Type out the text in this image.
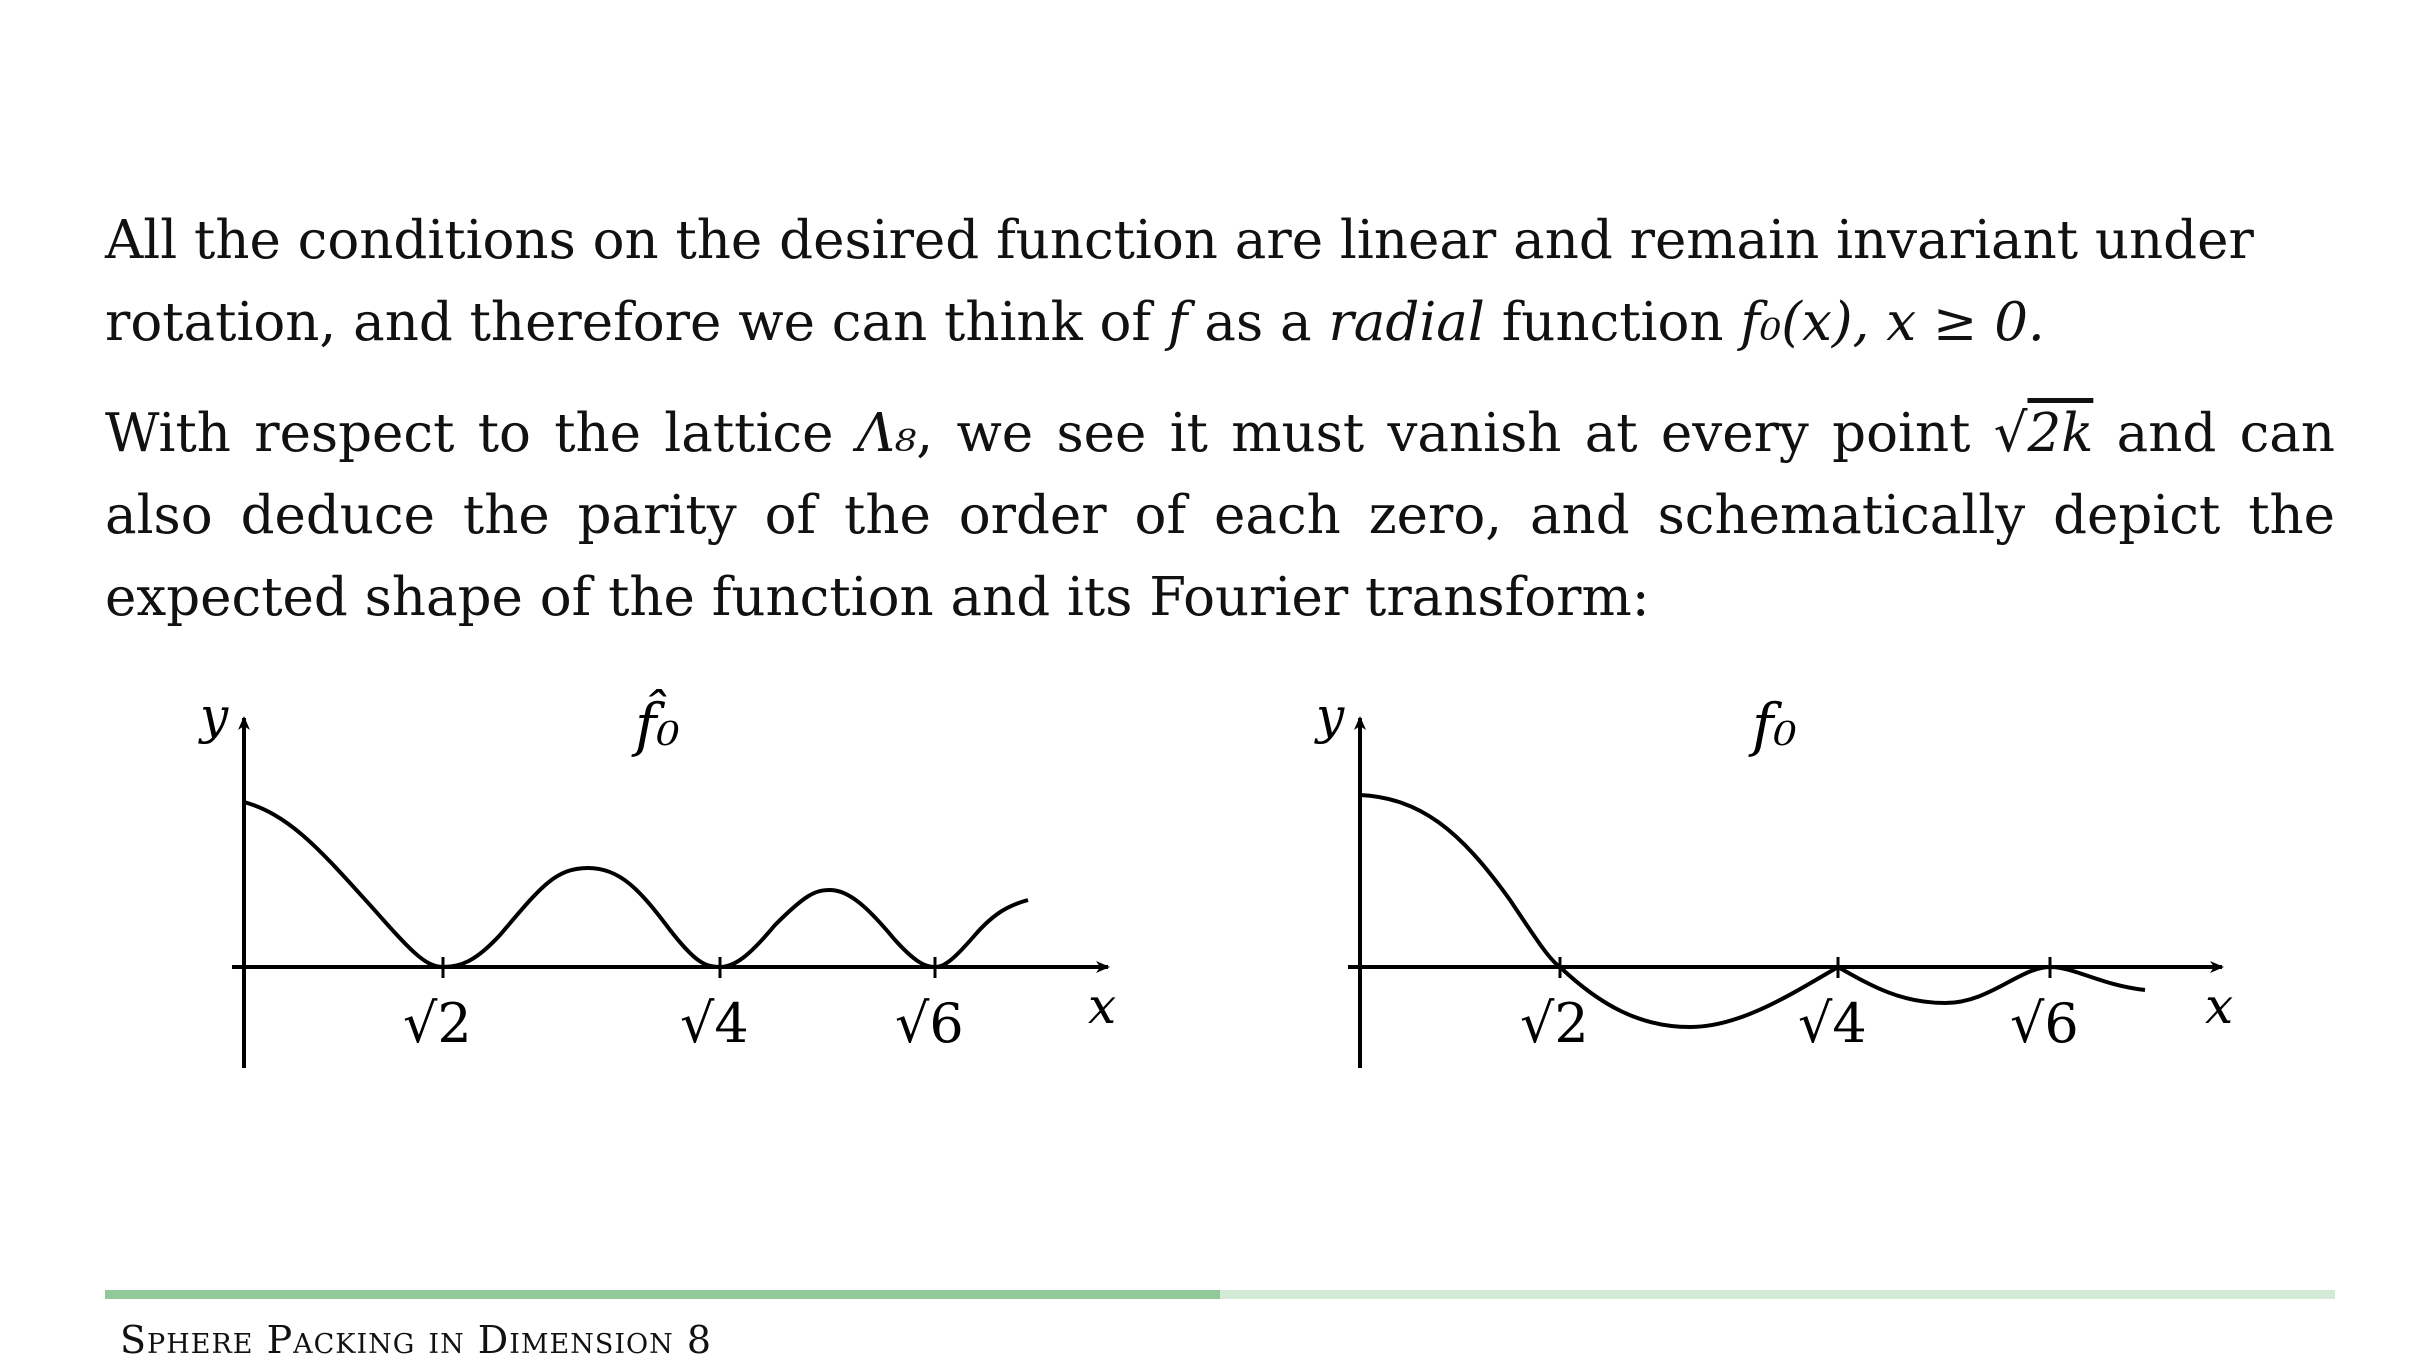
All the conditions on the desired function are linear and remain invariant under rotation, and therefore we can think of f as a radial function f₀(x), x ≥ 0.
With respect to the lattice Λ₈, we see it must vanish at every point √2k and can also deduce the parity of the order of each zero, and schematically depict the expected shape of the function and its Fourier transform:
y
x
f̂₀
√2	√4	√6
y
x
f₀
√2	√4	√6
Sphere Packing in Dimension 8
